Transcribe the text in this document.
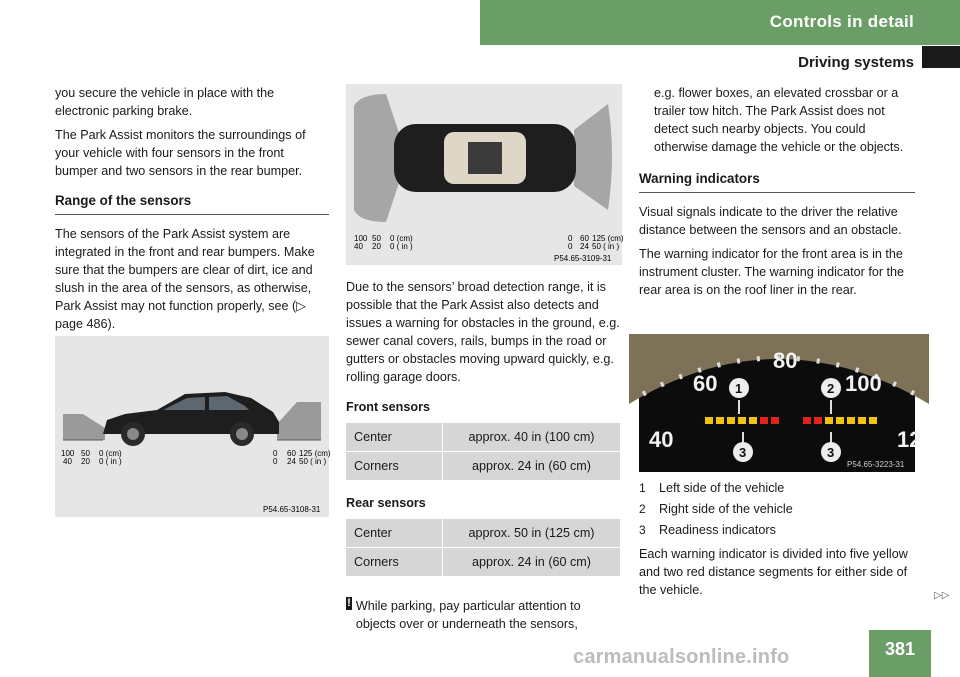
Controls in detail
Driving systems

you secure the vehicle in place with the electronic parking brake.

The Park Assist monitors the surroundings of your vehicle with four sensors in the front bumper and two sensors in the rear bumper.

Range of the sensors

The sensors of the Park Assist system are integrated in the front and rear bumpers. Make sure that the bumpers are clear of dirt, ice and slush in the area of the sensors, as otherwise, Park Assist may not function properly, see (▷ page 486).

100 50 0 (cm)
40 20 0 ( in )
0 60 125 (cm)
0 24 50 ( in )
P54.65-3108-31
100 50 0 (cm)
40 20 0 ( in )
0 60 125 (cm)
0 24 50 ( in )
P54.65-3109-31

Due to the sensors’ broad detection range, it is possible that the Park Assist also detects and issues a warning for obstacles in the ground, e.g. sewer canal covers, rails, bumps in the road or gutters or obstacles moving upward quickly, e.g. rolling garage doors.

Front sensors
Center	approx. 40 in (100 cm)
Corners	approx. 24 in (60 cm)
Rear sensors
Center	approx. 50 in (125 cm)
Corners	approx. 24 in (60 cm)
! While parking, pay particular attention to objects over or underneath the sensors,

e.g. flower boxes, an elevated crossbar or a trailer tow hitch. The Park Assist does not detect such nearby objects. You could otherwise damage the vehicle or the objects.

Warning indicators

Visual signals indicate to the driver the relative distance between the sensors and an obstacle.

The warning indicator for the front area is in the instrument cluster. The warning indicator for the rear area is on the roof liner in the rear.

40
60
80
100
12
1	2
3	3
P54.65-3223-31
1	Left side of the vehicle
2	Right side of the vehicle
3	Readiness indicators

Each warning indicator is divided into five yellow and two red distance segments for either side of the vehicle.	▷▷
381
carmanualsonline.info
